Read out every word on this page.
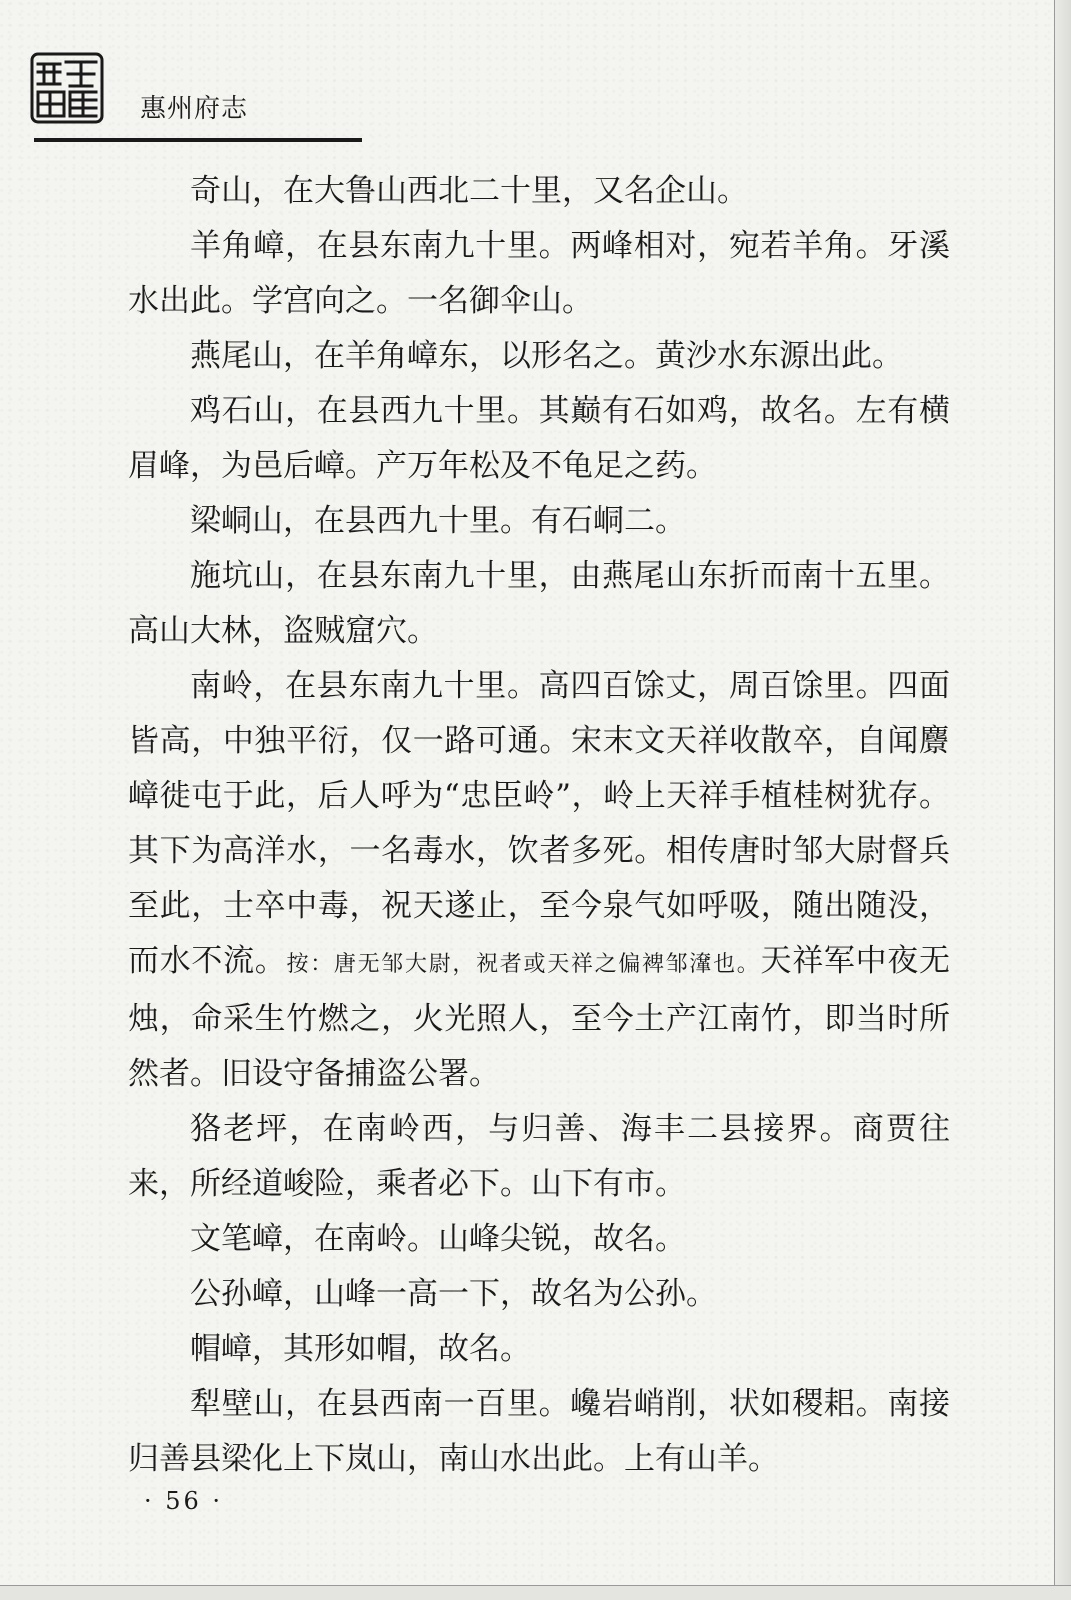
惠州府志

奇山，在大鲁山西北二十里，又名企山。

羊角嶂，在县东南九十里。两峰相对，宛若羊角。牙溪水出此。学宫向之。一名御伞山。

燕尾山，在羊角嶂东，以形名之。黄沙水东源出此。

鸡石山，在县西九十里。其巅有石如鸡，故名。左有横眉峰，为邑后嶂。产万年松及不龟足之药。

梁峒山，在县西九十里。有石峒二。

施坑山，在县东南九十里，由燕尾山东折而南十五里。高山大林，盗贼窟穴。

南岭，在县东南九十里。高四百馀丈，周百馀里。四面皆高，中独平衍，仅一路可通。宋末文天祥收散卒，自闻麖嶂徙屯于此，后人呼为“忠臣岭”，岭上天祥手植桂树犹存。其下为高洋水，一名毒水，饮者多死。相传唐时邹大尉督兵至此，士卒中毒，祝天遂止，至今泉气如呼吸，随出随没，而水不流。按：唐无邹大尉，祝者或天祥之偏裨邹㵮也。天祥军中夜无烛，命采生竹燃之，火光照人，至今土产江南竹，即当时所然者。旧设守备捕盗公署。

狢老坪，在南岭西，与归善、海丰二县接界。商贾往来，所经道峻险，乘者必下。山下有市。

文笔嶂，在南岭。山峰尖锐，故名。

公孙嶂，山峰一高一下，故名为公孙。

帽嶂，其形如帽，故名。

犁壁山，在县西南一百里。巉岩峭削，状如稷耜。南接归善县梁化上下岚山，南山水出此。上有山羊。

· 56 ·
